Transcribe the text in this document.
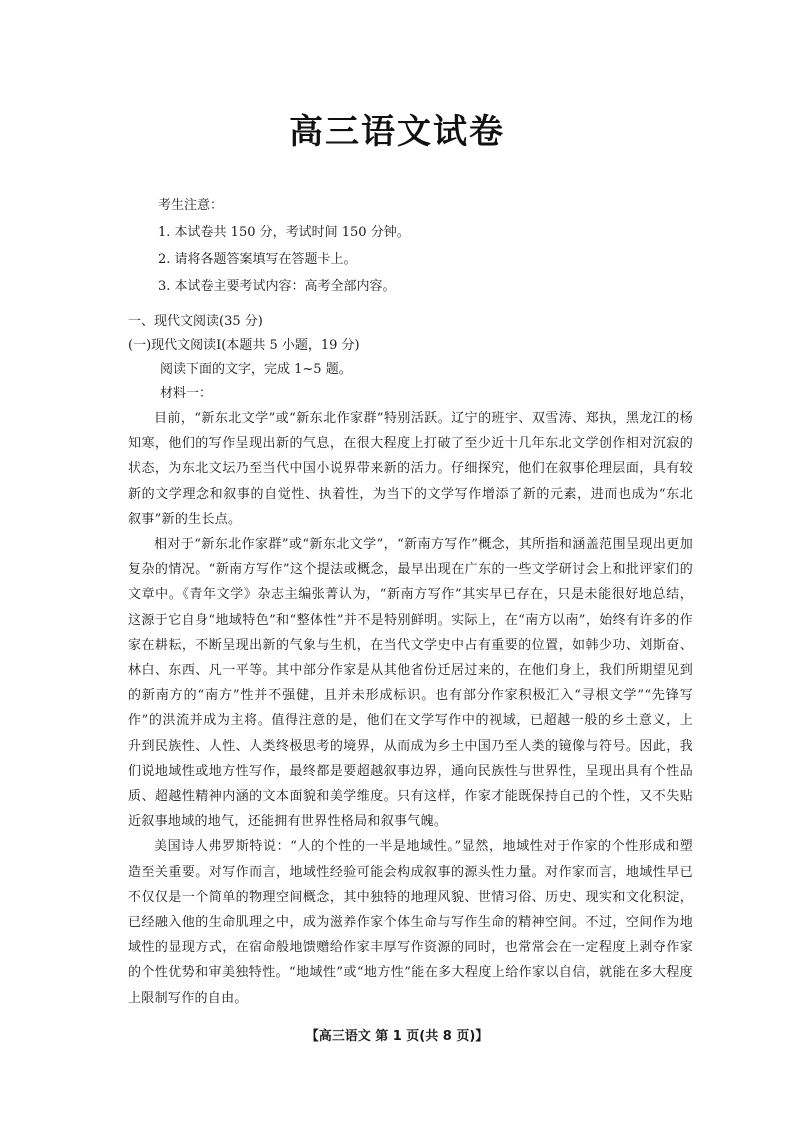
高三语文试卷
考生注意：
1. 本试卷共 150 分，考试时间 150 分钟。
2. 请将各题答案填写在答题卡上。
3. 本试卷主要考试内容：高考全部内容。
一、现代文阅读(35 分)
(一)现代文阅读Ⅰ(本题共 5 小题，19 分)
阅读下面的文字，完成 1~5 题。
材料一：

目前，“新东北文学”或“新东北作家群”特别活跃。辽宁的班宇、双雪涛、郑执，黑龙江的杨知寒，他们的写作呈现出新的气息，在很大程度上打破了至少近十几年东北文学创作相对沉寂的状态，为东北文坛乃至当代中国小说界带来新的活力。仔细探究，他们在叙事伦理层面，具有较新的文学理念和叙事的自觉性、执着性，为当下的文学写作增添了新的元素，进而也成为“东北叙事”新的生长点。

相对于“新东北作家群”或“新东北文学”，“新南方写作”概念，其所指和涵盖范围呈现出更加复杂的情况。“新南方写作”这个提法或概念，最早出现在广东的一些文学研讨会上和批评家们的文章中。《青年文学》杂志主编张菁认为，“新南方写作”其实早已存在，只是未能很好地总结，这源于它自身“地域特色”和“整体性”并不是特别鲜明。实际上，在“南方以南”，始终有许多的作家在耕耘，不断呈现出新的气象与生机，在当代文学史中占有重要的位置，如韩少功、刘斯奋、林白、东西、凡一平等。其中部分作家是从其他省份迁居过来的，在他们身上，我们所期望见到的新南方的“南方”性并不强健，且并未形成标识。也有部分作家积极汇入“寻根文学”“先锋写作”的洪流并成为主将。值得注意的是，他们在文学写作中的视域，已超越一般的乡土意义，上升到民族性、人性、人类终极思考的境界，从而成为乡土中国乃至人类的镜像与符号。因此，我们说地域性或地方性写作，最终都是要超越叙事边界，通向民族性与世界性，呈现出具有个性品质、超越性精神内涵的文本面貌和美学维度。只有这样，作家才能既保持自己的个性，又不失贴近叙事地域的地气，还能拥有世界性格局和叙事气魄。

美国诗人弗罗斯特说：“人的个性的一半是地域性。”显然，地域性对于作家的个性形成和塑造至关重要。对写作而言，地域性经验可能会构成叙事的源头性力量。对作家而言，地域性早已不仅仅是一个简单的物理空间概念，其中独特的地理风貌、世情习俗、历史、现实和文化积淀，已经融入他的生命肌理之中，成为滋养作家个体生命与写作生命的精神空间。不过，空间作为地域性的显现方式，在宿命般地馈赠给作家丰厚写作资源的同时，也常常会在一定程度上剥夺作家的个性优势和审美独特性。“地域性”或“地方性”能在多大程度上给作家以自信，就能在多大程度上限制写作的自由。

【高三语文 第 1 页(共 8 页)】
